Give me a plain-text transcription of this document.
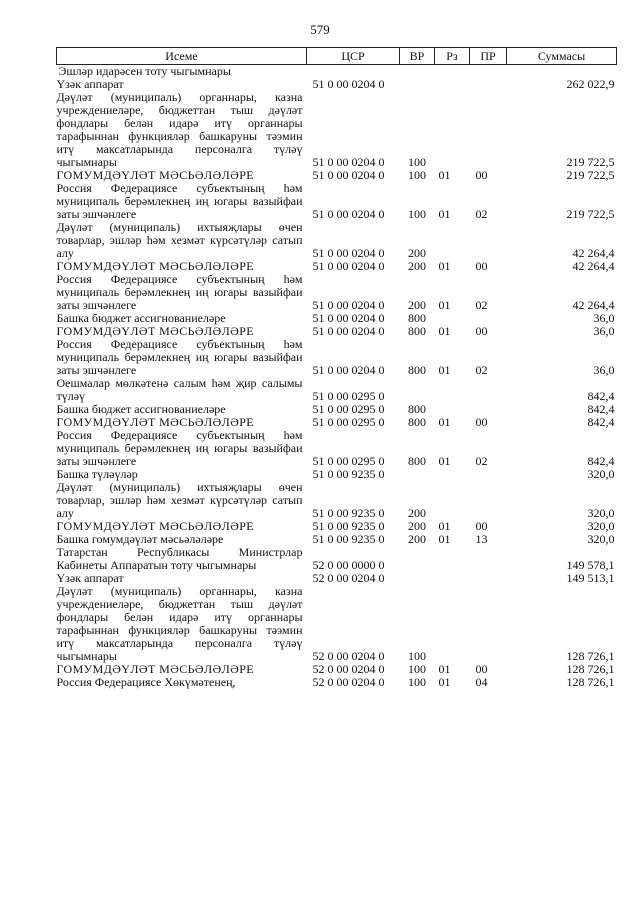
579
Исеме	ЦСР	ВР	Рз	ПР	Суммасы
Эшләр идарәсен тоту чыгымнары					
Үзәк аппарат	51 0 00 0204 0				262 022,9
Дәүләт (муниципаль) органнары, казна учреждениеләре, бюджеттан тыш дәүләт фондлары белән идарә итү органнары тарафыннан функцияләр башкаруны тәэмин итү максатларында персоналга түләү чыгымнары	51 0 00 0204 0	100			219 722,5
ГОМУМДӘҮЛӘТ МӘСЬӘЛӘЛӘРЕ	51 0 00 0204 0	100	01	00	219 722,5
Россия Федерациясе субъектының һәм муниципаль берәмлекнең иң югары вазыйфаи заты эшчәнлеге	51 0 00 0204 0	100	01	02	219 722,5
Дәүләт (муниципаль) ихтыяҗлары өчен товарлар, эшләр һәм хезмәт күрсәтүләр сатып алу	51 0 00 0204 0	200			42 264,4
ГОМУМДӘҮЛӘТ МӘСЬӘЛӘЛӘРЕ	51 0 00 0204 0	200	01	00	42 264,4
Россия Федерациясе субъектының һәм муниципаль берәмлекнең иң югары вазыйфаи заты эшчәнлеге	51 0 00 0204 0	200	01	02	42 264,4
Башка бюджет ассигнованиеләре	51 0 00 0204 0	800			36,0
ГОМУМДӘҮЛӘТ МӘСЬӘЛӘЛӘРЕ	51 0 00 0204 0	800	01	00	36,0
Россия Федерациясе субъектының һәм муниципаль берәмлекнең иң югары вазыйфаи заты эшчәнлеге	51 0 00 0204 0	800	01	02	36,0
Оешмалар мөлкәтенә салым һәм җир салымы түләү	51 0 00 0295 0				842,4
Башка бюджет ассигнованиеләре	51 0 00 0295 0	800			842,4
ГОМУМДӘҮЛӘТ МӘСЬӘЛӘЛӘРЕ	51 0 00 0295 0	800	01	00	842,4
Россия Федерациясе субъектының һәм муниципаль берәмлекнең иң югары вазыйфаи заты эшчәнлеге	51 0 00 0295 0	800	01	02	842,4
Башка түләүләр	51 0 00 9235 0				320,0
Дәүләт (муниципаль) ихтыяҗлары өчен товарлар, эшләр һәм хезмәт күрсәтүләр сатып алу	51 0 00 9235 0	200			320,0
ГОМУМДӘҮЛӘТ МӘСЬӘЛӘЛӘРЕ	51 0 00 9235 0	200	01	00	320,0
Башка гомумдәүләт мәсьәләләре	51 0 00 9235 0	200	01	13	320,0
Татарстан Республикасы Министрлар Кабинеты Аппаратын тоту чыгымнары	52 0 00 0000 0				149 578,1
Үзәк аппарат	52 0 00 0204 0				149 513,1
Дәүләт (муниципаль) органнары, казна учреждениеләре, бюджеттан тыш дәүләт фондлары белән идарә итү органнары тарафыннан функцияләр башкаруны тәэмин итү максатларында персоналга түләү чыгымнары	52 0 00 0204 0	100			128 726,1
ГОМУМДӘҮЛӘТ МӘСЬӘЛӘЛӘРЕ	52 0 00 0204 0	100	01	00	128 726,1
Россия Федерациясе Хөкүмәтенең,	52 0 00 0204 0	100	01	04	128 726,1
